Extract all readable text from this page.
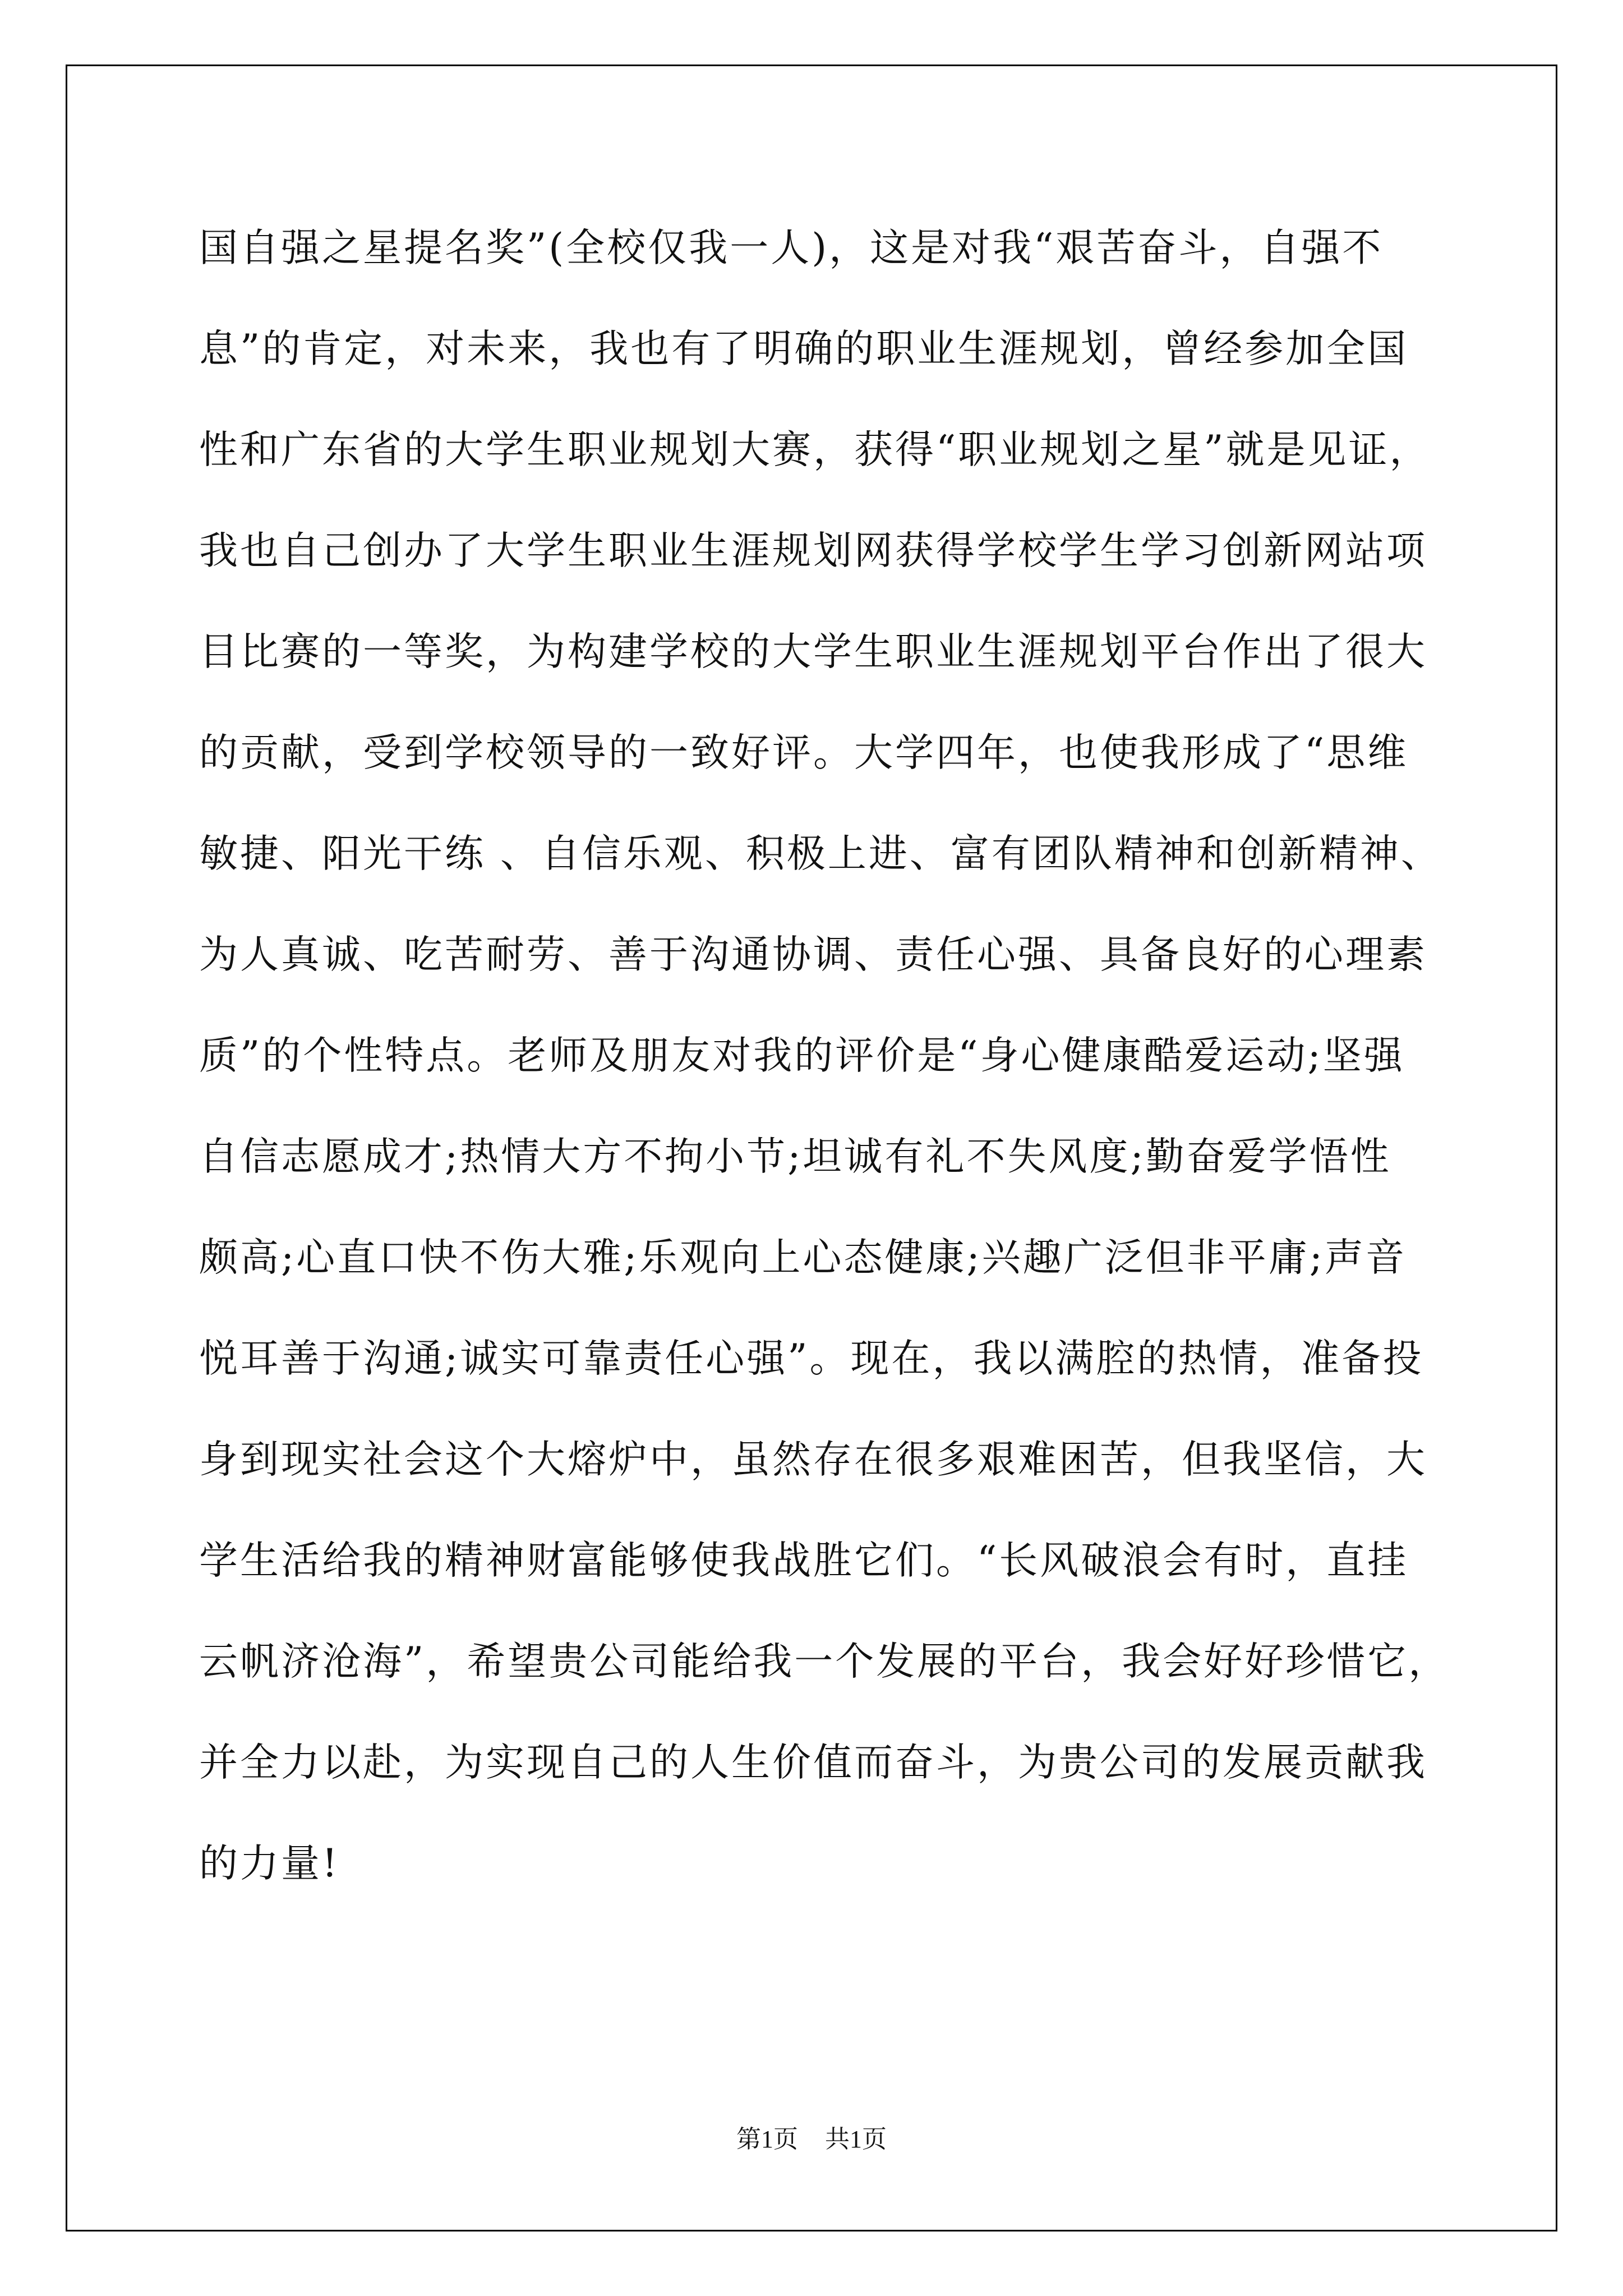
国自强之星提名奖”(全校仅我一人)，这是对我“艰苦奋斗，自强不
息”的肯定，对未来，我也有了明确的职业生涯规划，曾经参加全国
性和广东省的大学生职业规划大赛，获得“职业规划之星”就是见证，
我也自己创办了大学生职业生涯规划网获得学校学生学习创新网站项
目比赛的一等奖，为构建学校的大学生职业生涯规划平台作出了很大
的贡献，受到学校领导的一致好评。大学四年，也使我形成了“思维
敏捷、阳光干练 、自信乐观、积极上进、富有团队精神和创新精神、
为人真诚、吃苦耐劳、善于沟通协调、责任心强、具备良好的心理素
质”的个性特点。老师及朋友对我的评价是“身心健康酷爱运动;坚强
自信志愿成才;热情大方不拘小节;坦诚有礼不失风度;勤奋爱学悟性
颇高;心直口快不伤大雅;乐观向上心态健康;兴趣广泛但非平庸;声音
悦耳善于沟通;诚实可靠责任心强”。现在，我以满腔的热情，准备投
身到现实社会这个大熔炉中，虽然存在很多艰难困苦，但我坚信，大
学生活给我的精神财富能够使我战胜它们。“长风破浪会有时，直挂
云帆济沧海”，希望贵公司能给我一个发展的平台，我会好好珍惜它，
并全力以赴，为实现自己的人生价值而奋斗，为贵公司的发展贡献我
的力量!
第1页 共1页
